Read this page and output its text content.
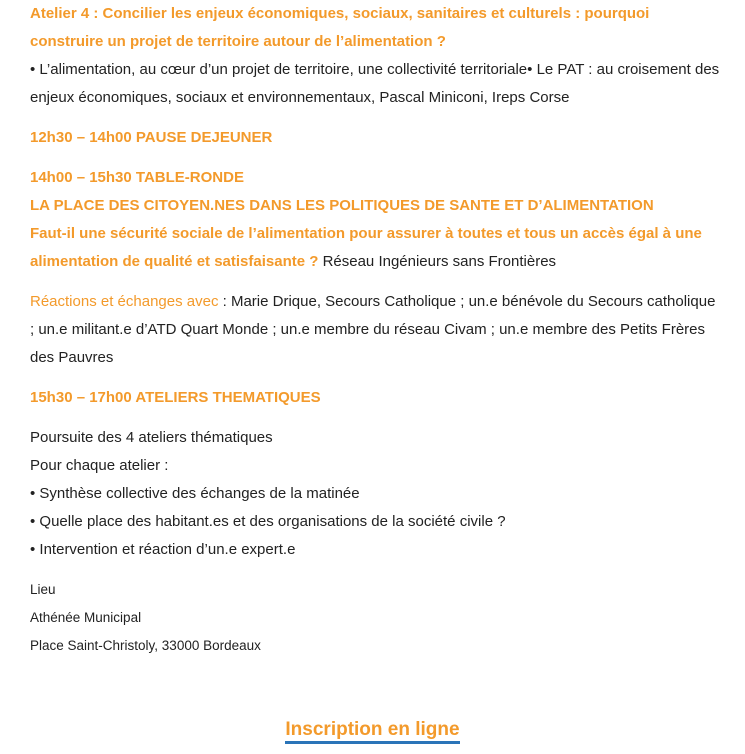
Atelier 4 : Concilier les enjeux économiques, sociaux, sanitaires et culturels : pourquoi construire un projet de territoire autour de l’alimentation ?

• L’alimentation, au cœur d’un projet de territoire, une collectivité territoriale• Le PAT : au croisement des enjeux économiques, sociaux et environnementaux, Pascal Miniconi, Ireps Corse

12h30 – 14h00 PAUSE DEJEUNER

14h00 – 15h30 TABLE-RONDE

LA PLACE DES CITOYEN.NES DANS LES POLITIQUES DE SANTE ET D’ALIMENTATION

Faut-il une sécurité sociale de l’alimentation pour assurer à toutes et tous un accès égal à une alimentation de qualité et satisfaisante ? Réseau Ingénieurs sans Frontières

Réactions et échanges avec : Marie Drique, Secours Catholique ; un.e bénévole du Secours catholique ; un.e militant.e d’ATD Quart Monde ; un.e membre du réseau Civam ; un.e membre des Petits Frères des Pauvres

15h30 – 17h00 ATELIERS THEMATIQUES

Poursuite des 4 ateliers thématiques

Pour chaque atelier :

• Synthèse collective des échanges de la matinée

• Quelle place des habitant.es et des organisations de la société civile ?

• Intervention et réaction d’un.e expert.e

Lieu

Athénée Municipal

Place Saint-Christoly, 33000 Bordeaux

Inscription en ligne
